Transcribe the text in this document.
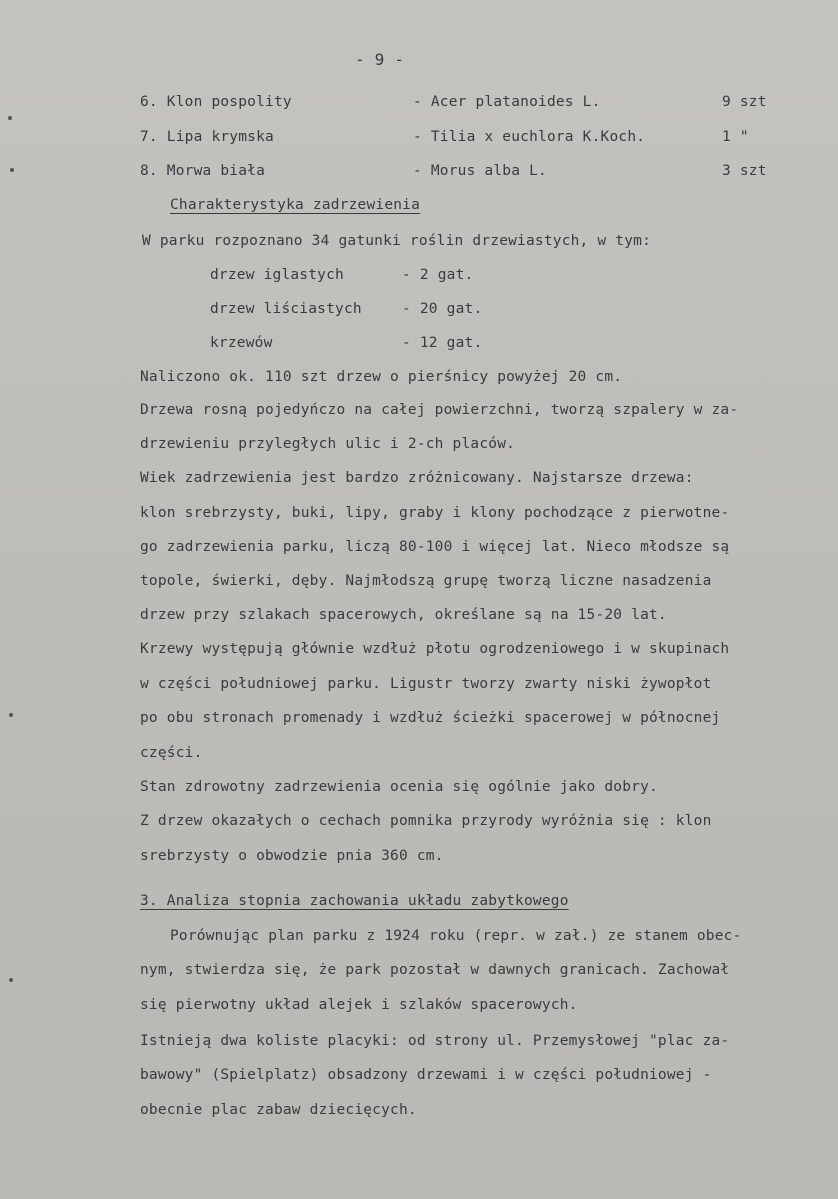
- 9 -
6. Klon pospolity	- Acer platanoides L.	9 szt
7. Lipa krymska	- Tilia x euchlora K.Koch.	1 "
8. Morwa biała	- Morus alba L.	3 szt
Charakterystyka zadrzewienia
W parku rozpoznano 34 gatunki roślin drzewiastych, w tym:
drzew iglastych	- 2 gat.
drzew liściastych	- 20 gat.
krzewów	- 12 gat.
Naliczono ok. 110 szt drzew o pierśnicy powyżej 20 cm.
Drzewa rosną pojedyńczo na całej powierzchni, tworzą szpalery w za-
drzewieniu przyległych ulic i 2-ch placów.
Wiek zadrzewienia jest bardzo zróżnicowany. Najstarsze drzewa:
klon srebrzysty, buki, lipy, graby i klony pochodzące z pierwotne-
go zadrzewienia parku, liczą 80-100 i więcej lat. Nieco młodsze są
topole, świerki, dęby. Najmłodszą grupę tworzą liczne nasadzenia
drzew przy szlakach spacerowych, określane są na 15-20 lat.
Krzewy występują głównie wzdłuż płotu ogrodzeniowego i w skupinach
w części południowej parku. Ligustr tworzy zwarty niski żywopłot
po obu stronach promenady i wzdłuż ścieżki spacerowej w północnej
części.
Stan zdrowotny zadrzewienia ocenia się ogólnie jako dobry.
Z drzew okazałych o cechach pomnika przyrody wyróżnia się : klon
srebrzysty o obwodzie pnia 360 cm.
3. Analiza stopnia zachowania układu zabytkowego
Porównując plan parku z 1924 roku (repr. w zał.) ze stanem obec-
nym, stwierdza się, że park pozostał w dawnych granicach. Zachował
się pierwotny układ alejek i szlaków spacerowych.
Istnieją dwa koliste placyki: od strony ul. Przemysłowej "plac za-
bawowy" (Spielplatz) obsadzony drzewami i w części południowej -
obecnie plac zabaw dziecięcych.
